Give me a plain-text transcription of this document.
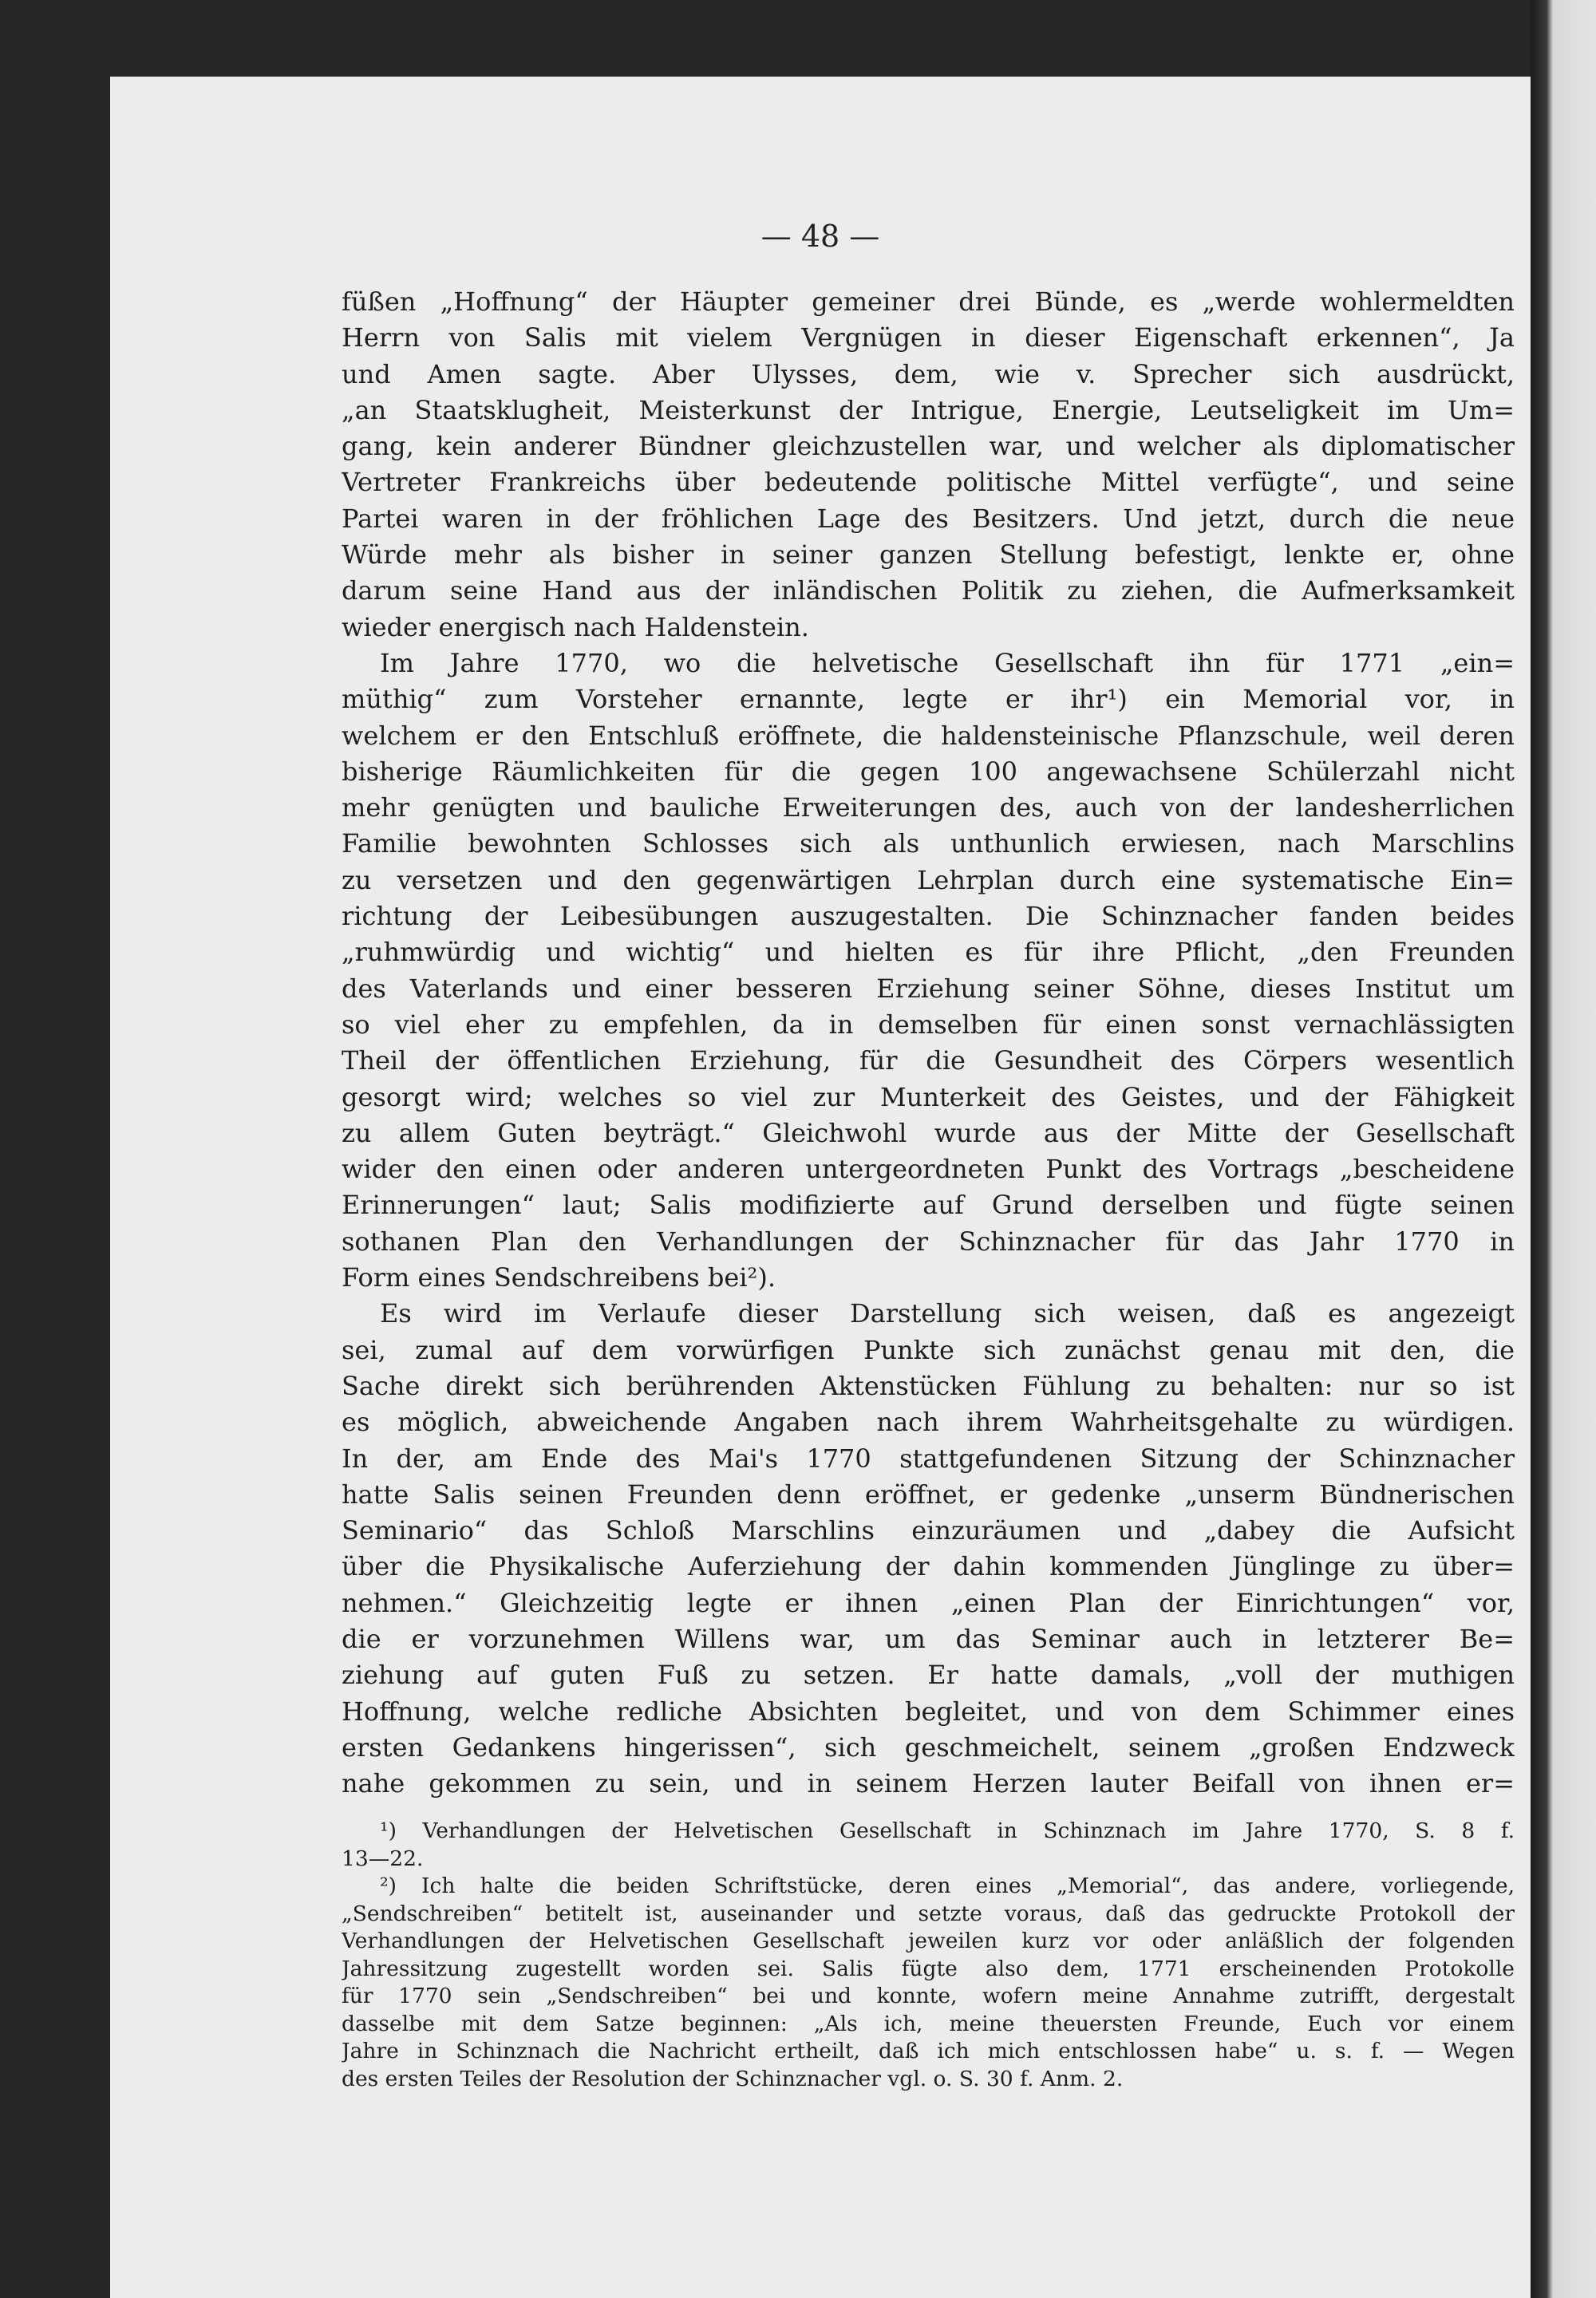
— 48 —
füßen „Hoffnung“ der Häupter gemeiner drei Bünde, es „werde wohlermeldten
Herrn von Salis mit vielem Vergnügen in dieser Eigenschaft erkennen“, Ja
und Amen sagte. Aber Ulysses, dem, wie v. Sprecher sich ausdrückt,
„an Staatsklugheit, Meisterkunst der Intrigue, Energie, Leutseligkeit im Um=
gang, kein anderer Bündner gleichzustellen war, und welcher als diplomatischer
Vertreter Frankreichs über bedeutende politische Mittel verfügte“, und seine
Partei waren in der fröhlichen Lage des Besitzers. Und jetzt, durch die neue
Würde mehr als bisher in seiner ganzen Stellung befestigt, lenkte er, ohne
darum seine Hand aus der inländischen Politik zu ziehen, die Aufmerksamkeit
wieder energisch nach Haldenstein.
Im Jahre 1770, wo die helvetische Gesellschaft ihn für 1771 „ein=
müthig“ zum Vorsteher ernannte, legte er ihr¹) ein Memorial vor, in
welchem er den Entschluß eröffnete, die haldensteinische Pflanzschule, weil deren
bisherige Räumlichkeiten für die gegen 100 angewachsene Schülerzahl nicht
mehr genügten und bauliche Erweiterungen des, auch von der landesherrlichen
Familie bewohnten Schlosses sich als unthunlich erwiesen, nach Marschlins
zu versetzen und den gegenwärtigen Lehrplan durch eine systematische Ein=
richtung der Leibesübungen auszugestalten. Die Schinznacher fanden beides
„ruhmwürdig und wichtig“ und hielten es für ihre Pflicht, „den Freunden
des Vaterlands und einer besseren Erziehung seiner Söhne, dieses Institut um
so viel eher zu empfehlen, da in demselben für einen sonst vernachlässigten
Theil der öffentlichen Erziehung, für die Gesundheit des Cörpers wesentlich
gesorgt wird; welches so viel zur Munterkeit des Geistes, und der Fähigkeit
zu allem Guten beyträgt.“ Gleichwohl wurde aus der Mitte der Gesellschaft
wider den einen oder anderen untergeordneten Punkt des Vortrags „bescheidene
Erinnerungen“ laut; Salis modifizierte auf Grund derselben und fügte seinen
sothanen Plan den Verhandlungen der Schinznacher für das Jahr 1770 in
Form eines Sendschreibens bei²).
Es wird im Verlaufe dieser Darstellung sich weisen, daß es angezeigt
sei, zumal auf dem vorwürfigen Punkte sich zunächst genau mit den, die
Sache direkt sich berührenden Aktenstücken Fühlung zu behalten: nur so ist
es möglich, abweichende Angaben nach ihrem Wahrheitsgehalte zu würdigen.
In der, am Ende des Mai's 1770 stattgefundenen Sitzung der Schinznacher
hatte Salis seinen Freunden denn eröffnet, er gedenke „unserm Bündnerischen
Seminario“ das Schloß Marschlins einzuräumen und „dabey die Aufsicht
über die Physikalische Auferziehung der dahin kommenden Jünglinge zu über=
nehmen.“ Gleichzeitig legte er ihnen „einen Plan der Einrichtungen“ vor,
die er vorzunehmen Willens war, um das Seminar auch in letzterer Be=
ziehung auf guten Fuß zu setzen. Er hatte damals, „voll der muthigen
Hoffnung, welche redliche Absichten begleitet, und von dem Schimmer eines
ersten Gedankens hingerissen“, sich geschmeichelt, seinem „großen Endzweck
nahe gekommen zu sein, und in seinem Herzen lauter Beifall von ihnen er=
¹) Verhandlungen der Helvetischen Gesellschaft in Schinznach im Jahre 1770, S. 8 f.
13—22.
²) Ich halte die beiden Schriftstücke, deren eines „Memorial“, das andere, vorliegende,
„Sendschreiben“ betitelt ist, auseinander und setzte voraus, daß das gedruckte Protokoll der
Verhandlungen der Helvetischen Gesellschaft jeweilen kurz vor oder anläßlich der folgenden
Jahressitzung zugestellt worden sei. Salis fügte also dem, 1771 erscheinenden Protokolle
für 1770 sein „Sendschreiben“ bei und konnte, wofern meine Annahme zutrifft, dergestalt
dasselbe mit dem Satze beginnen: „Als ich, meine theuersten Freunde, Euch vor einem
Jahre in Schinznach die Nachricht ertheilt, daß ich mich entschlossen habe“ u. s. f. — Wegen
des ersten Teiles der Resolution der Schinznacher vgl. o. S. 30 f. Anm. 2.
